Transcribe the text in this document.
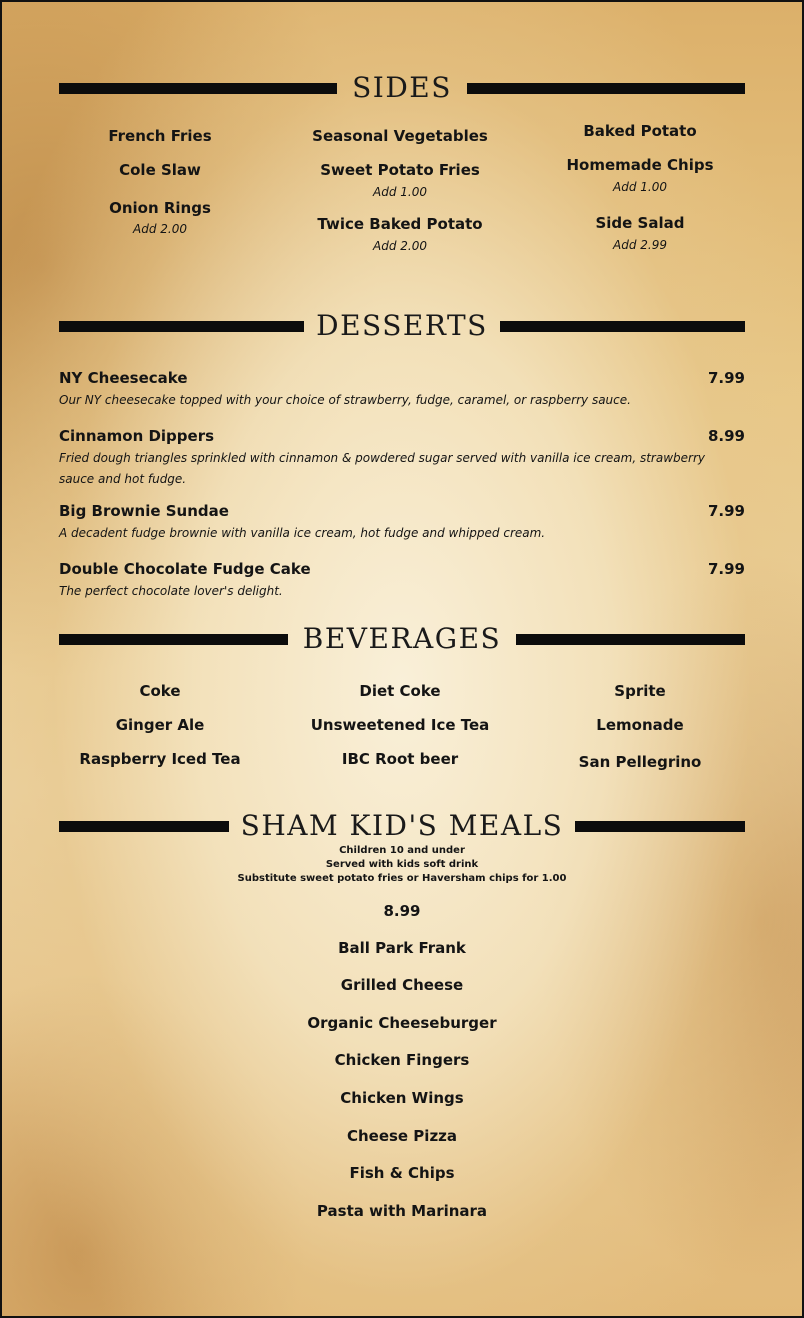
SIDES
French Fries
Cole Slaw
Onion Rings
Add 2.00
Seasonal Vegetables
Sweet Potato Fries
Add 1.00
Twice Baked Potato
Add 2.00
Baked Potato
Homemade Chips
Add 1.00
Side Salad
Add 2.99
DESSERTS
NY Cheesecake	7.99
Our NY cheesecake topped with your choice of strawberry, fudge, caramel, or raspberry sauce.
Cinnamon Dippers	8.99
Fried dough triangles sprinkled with cinnamon & powdered sugar served with vanilla ice cream, strawberry sauce and hot fudge.
Big Brownie Sundae	7.99
A decadent fudge brownie with vanilla ice cream, hot fudge and whipped cream.
Double Chocolate Fudge Cake	7.99
The perfect chocolate lover's delight.
BEVERAGES
Coke
Ginger Ale
Raspberry Iced Tea
Diet Coke
Unsweetened Ice Tea
IBC Root beer
Sprite
Lemonade
San Pellegrino
SHAM KID'S MEALS
Children 10 and under
Served with kids soft drink
Substitute sweet potato fries or Haversham chips for 1.00
8.99
Ball Park Frank
Grilled Cheese
Organic Cheeseburger
Chicken Fingers
Chicken Wings
Cheese Pizza
Fish & Chips
Pasta with Marinara
